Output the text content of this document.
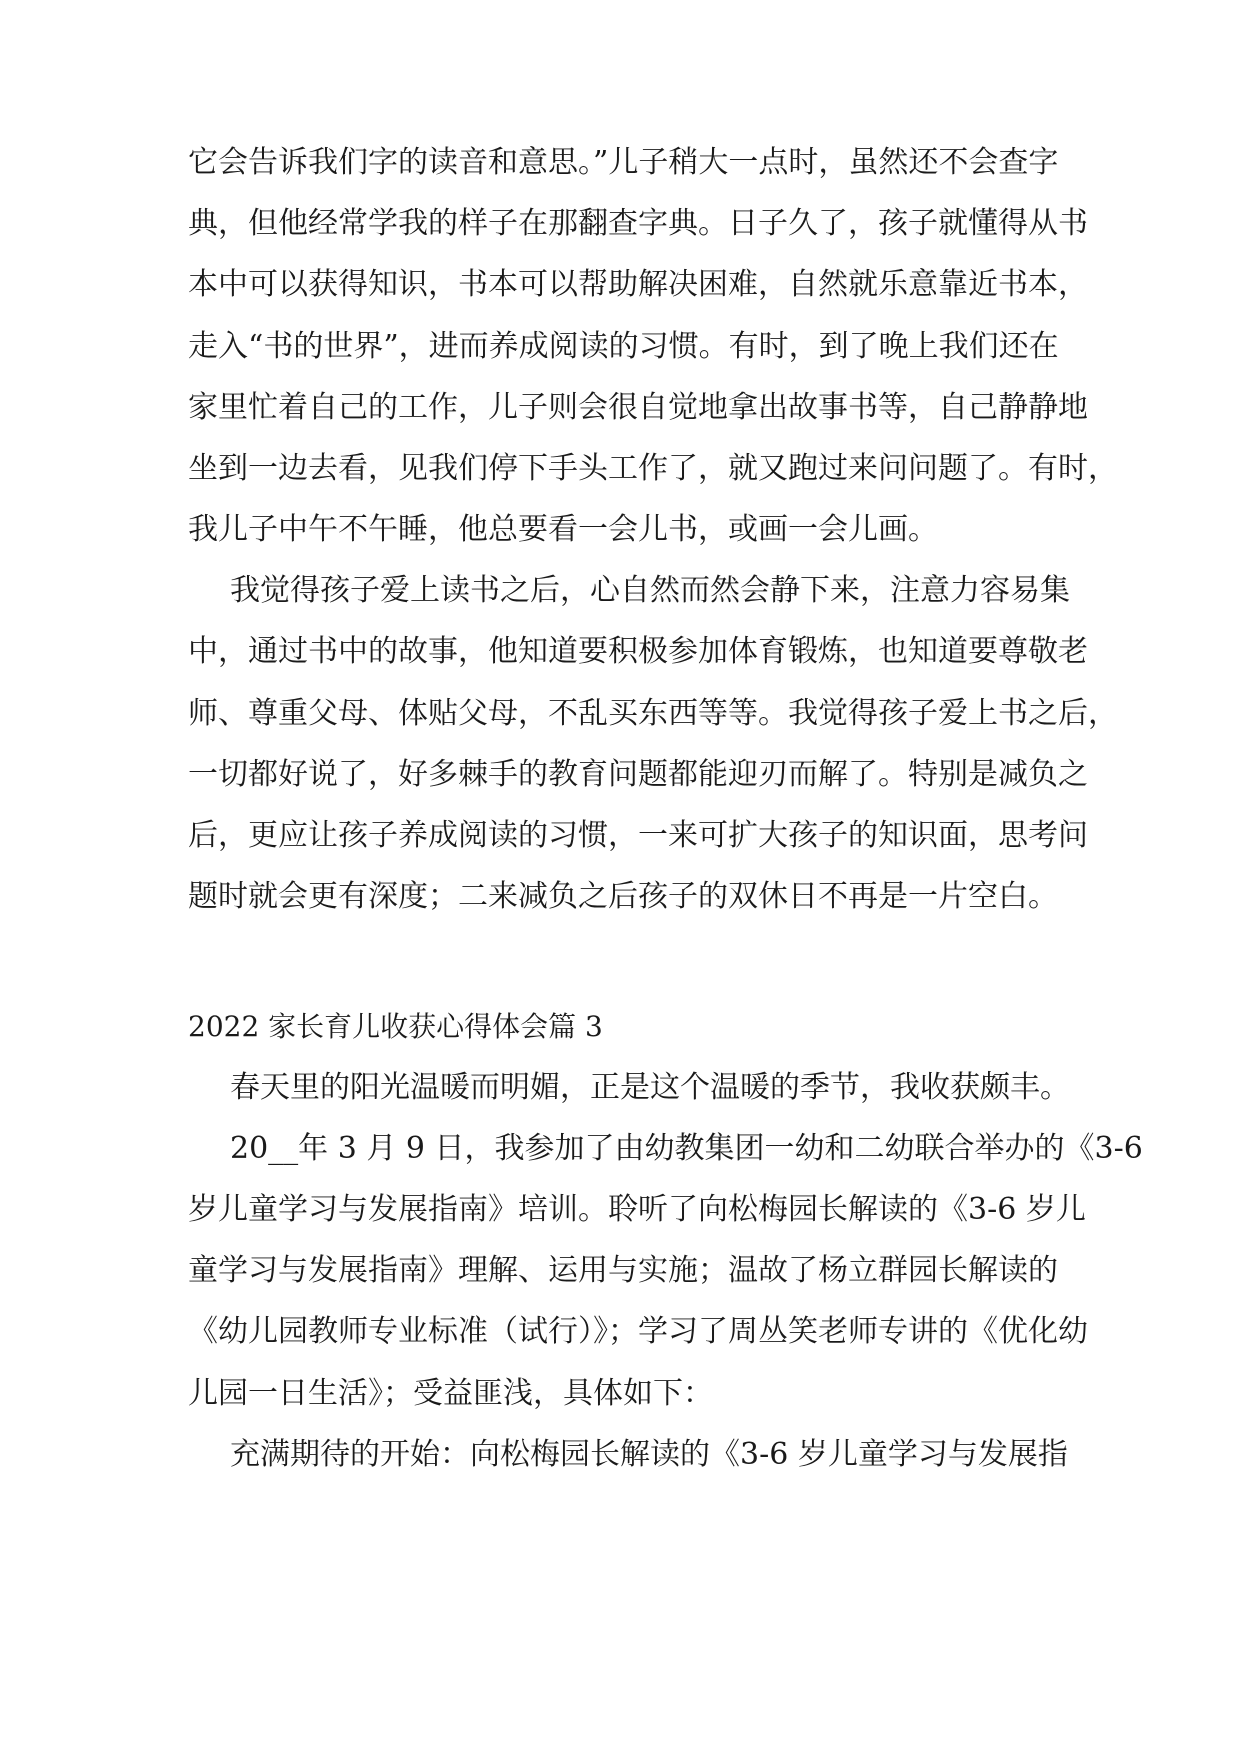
它会告诉我们字的读音和意思。”儿子稍大一点时，虽然还不会查字
典，但他经常学我的样子在那翻查字典。日子久了，孩子就懂得从书
本中可以获得知识，书本可以帮助解决困难，自然就乐意靠近书本，
走入“书的世界”，进而养成阅读的习惯。有时，到了晚上我们还在
家里忙着自己的工作，儿子则会很自觉地拿出故事书等，自己静静地
坐到一边去看，见我们停下手头工作了，就又跑过来问问题了。有时，
我儿子中午不午睡，他总要看一会儿书，或画一会儿画。
我觉得孩子爱上读书之后，心自然而然会静下来，注意力容易集
中，通过书中的故事，他知道要积极参加体育锻炼，也知道要尊敬老
师、尊重父母、体贴父母，不乱买东西等等。我觉得孩子爱上书之后，
一切都好说了，好多棘手的教育问题都能迎刃而解了。特别是减负之
后，更应让孩子养成阅读的习惯，一来可扩大孩子的知识面，思考问
题时就会更有深度；二来减负之后孩子的双休日不再是一片空白。
2022 家长育儿收获心得体会篇 3
春天里的阳光温暖而明媚，正是这个温暖的季节，我收获颇丰。
20__年 3 月 9 日，我参加了由幼教集团一幼和二幼联合举办的《3-6
岁儿童学习与发展指南》培训。聆听了向松梅园长解读的《3-6 岁儿
童学习与发展指南》理解、运用与实施；温故了杨立群园长解读的
《幼儿园教师专业标准（试行）》；学习了周丛笑老师专讲的《优化幼
儿园一日生活》；受益匪浅，具体如下：
充满期待的开始：向松梅园长解读的《3-6 岁儿童学习与发展指
